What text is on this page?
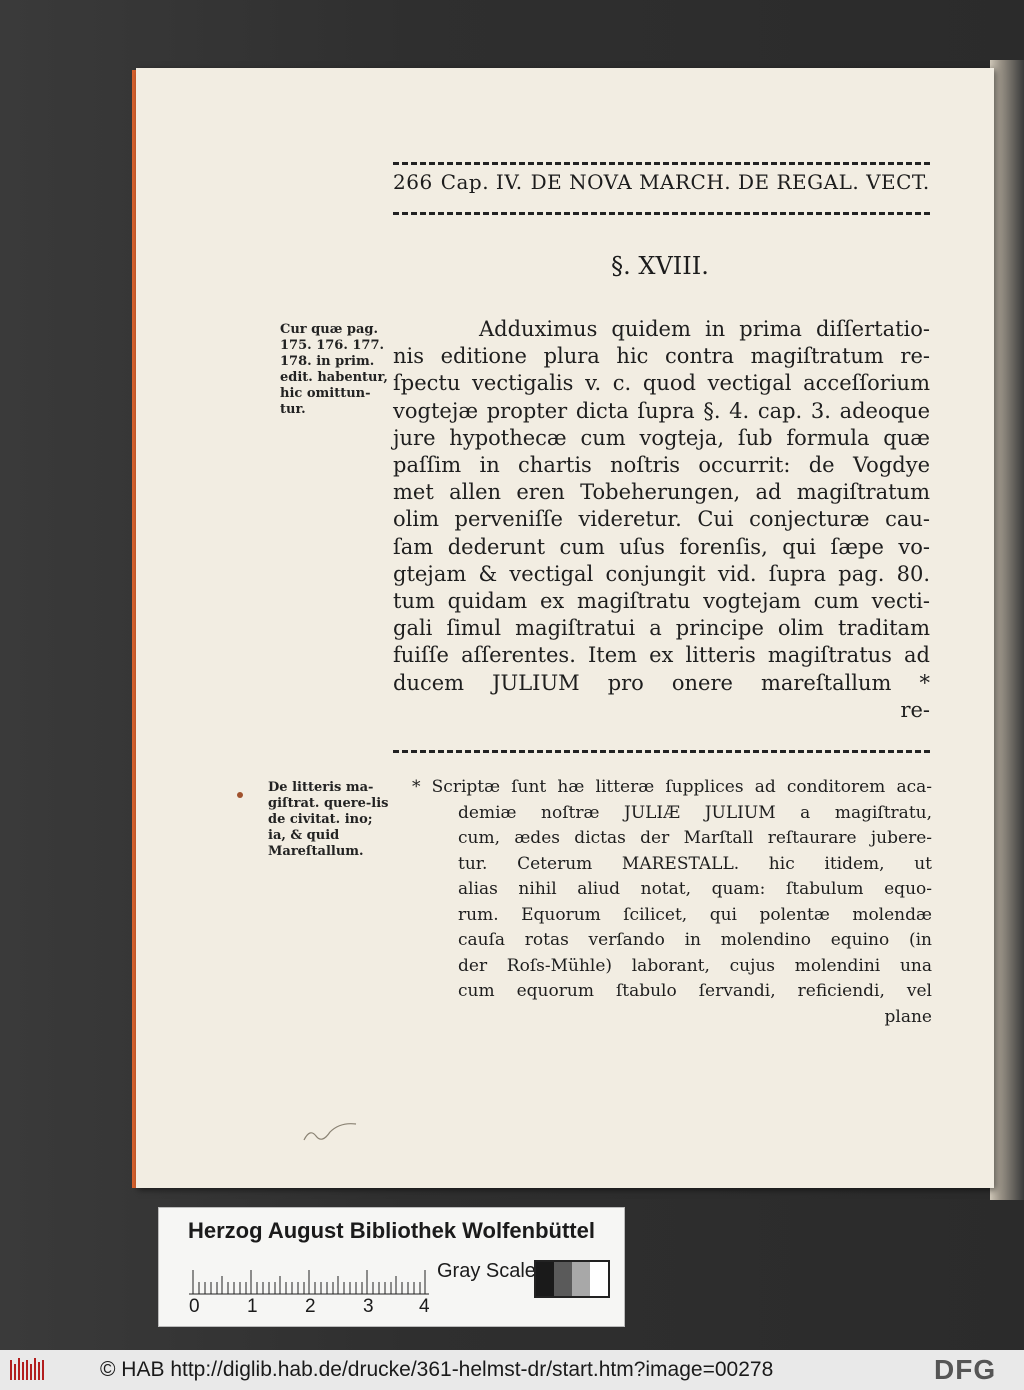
266 Cap. IV. DE NOVA MARCH. DE REGAL. VECT.
§. XVIII.
Cur quæ pag. 175. 176. 177. 178. in prim. edit. habentur, hic omittun-tur.
Adduximus quidem in prima diſſertatio-
nis editione plura hic contra magiſtratum re-
ſpectu vectigalis v. c. quod vectigal acceſſorium
vogtejæ propter dicta ſupra §. 4. cap. 3. adeoque
jure hypothecæ cum vogteja, ſub formula quæ
paſſim in chartis noſtris occurrit: de Vogdye
met allen eren Tobeherungen, ad magiſtratum
olim perveniſſe videretur. Cui conjecturæ cau-
ſam dederunt cum uſus forenſis, qui ſæpe vo-
gtejam & vectigal conjungit vid. ſupra pag. 80.
tum quidam ex magiſtratu vogtejam cum vecti-
gali ſimul magiſtratui a principe olim traditam
fuiſſe aſſerentes. Item ex litteris magiſtratus ad
ducem JULIUM pro onere mareſtallum *
re-
De litteris ma-giſtrat. quere-lis de civitat. ino; ia, & quid Mareſtallum.
* Scriptæ ſunt hæ litteræ ſupplices ad conditorem aca-
demiæ noſtræ JULIÆ JULIUM a magiſtratu,
cum, ædes dictas der Marſtall reſtaurare jubere-
tur. Ceterum MARESTALL. hic itidem, ut
alias nihil aliud notat, quam: ſtabulum equo-
rum. Equorum ſcilicet, qui polentæ molendæ
cauſa rotas verſando in molendino equino (in
der Roſs-Mühle) laborant, cujus molendini una
cum equorum ſtabulo ſervandi, reficiendi, vel
plane
Herzog August Bibliothek Wolfenbüttel
0 1 2 3 4
Gray Scale
© HAB http://diglib.hab.de/drucke/361-helmst-dr/start.htm?image=00278	DFG
